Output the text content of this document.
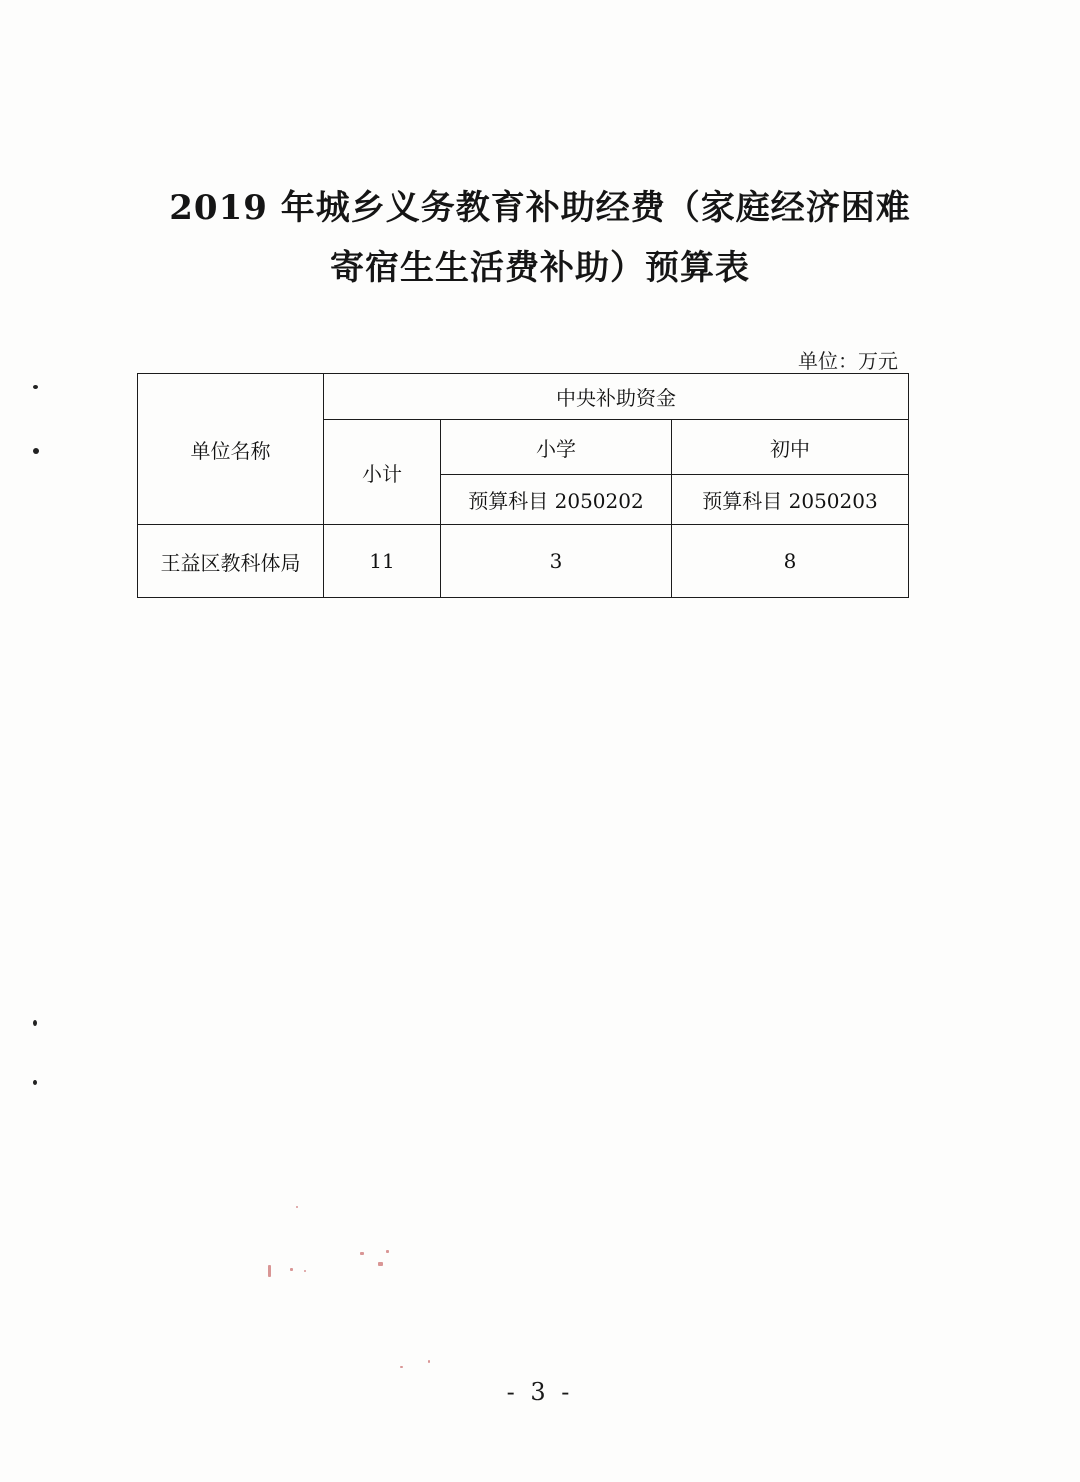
2019 年城乡义务教育补助经费（家庭经济困难
寄宿生生活费补助）预算表
单位：万元
单位名称	中央补助资金		
	小计	小学	初中
		预算科目 2050202	预算科目 2050203
王益区教科体局	11	3	8
- 3 -
